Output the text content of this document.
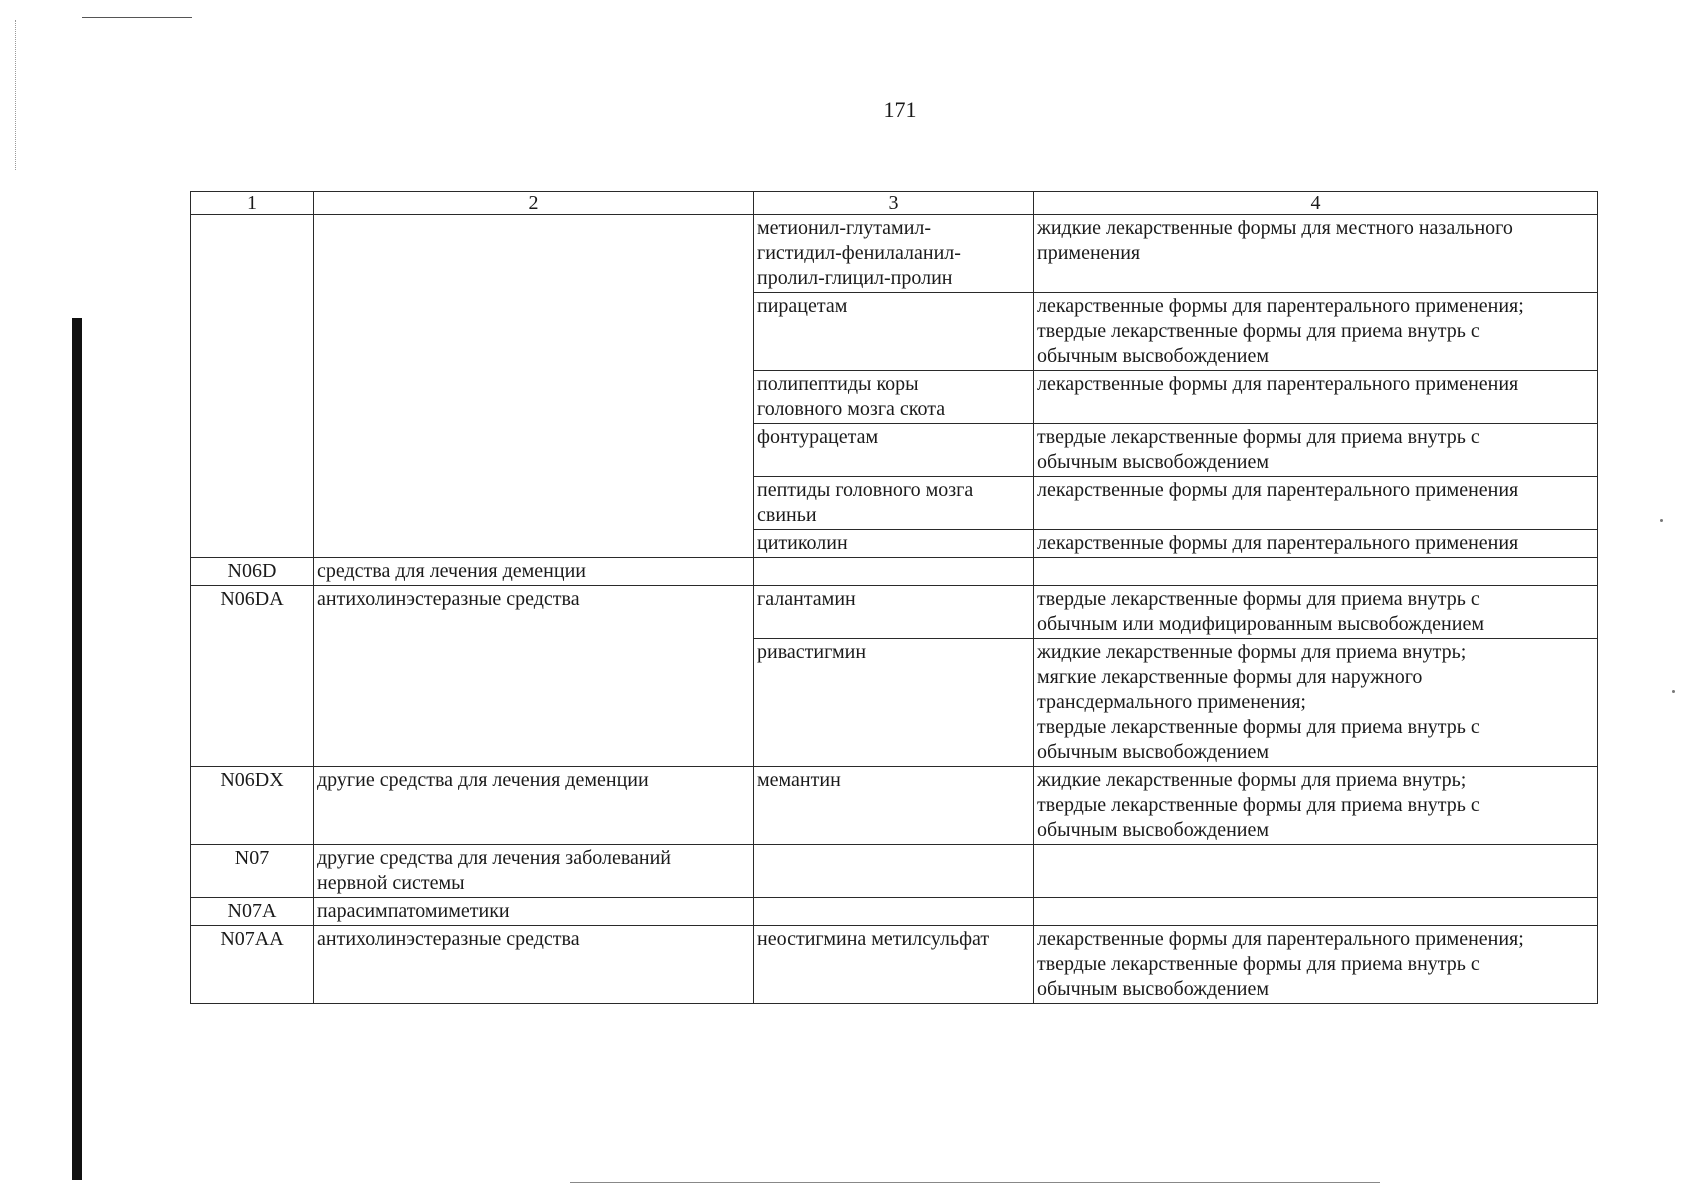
171
1	2	3	4

		метионил-глутамил-
гистидил-фенилаланил-
пролил-глицил-пролин	жидкие лекарственные формы для местного назального
применения

		пирацетам	лекарственные формы для парентерального применения;
твердые лекарственные формы для приема внутрь с
обычным высвобождением

		полипептиды коры
головного мозга скота	лекарственные формы для парентерального применения

		фонтурацетам	твердые лекарственные формы для приема внутрь с
обычным высвобождением

		пептиды головного мозга
свиньи	лекарственные формы для парентерального применения

		цитиколин	лекарственные формы для парентерального применения

N06D	средства для лечения деменции		

N06DA	антихолинэстеразные средства	галантамин	твердые лекарственные формы для приема внутрь с
обычным или модифицированным высвобождением

		ривастигмин	жидкие лекарственные формы для приема внутрь;
мягкие лекарственные формы для наружного
трансдермального применения;
твердые лекарственные формы для приема внутрь с
обычным высвобождением

N06DX	другие средства для лечения деменции	мемантин	жидкие лекарственные формы для приема внутрь;
твердые лекарственные формы для приема внутрь с
обычным высвобождением

N07	другие средства для лечения заболеваний
нервной системы		

N07A	парасимпатомиметики		

N07AA	антихолинэстеразные средства	неостигмина метилсульфат	лекарственные формы для парентерального применения;
твердые лекарственные формы для приема внутрь с
обычным высвобождением
